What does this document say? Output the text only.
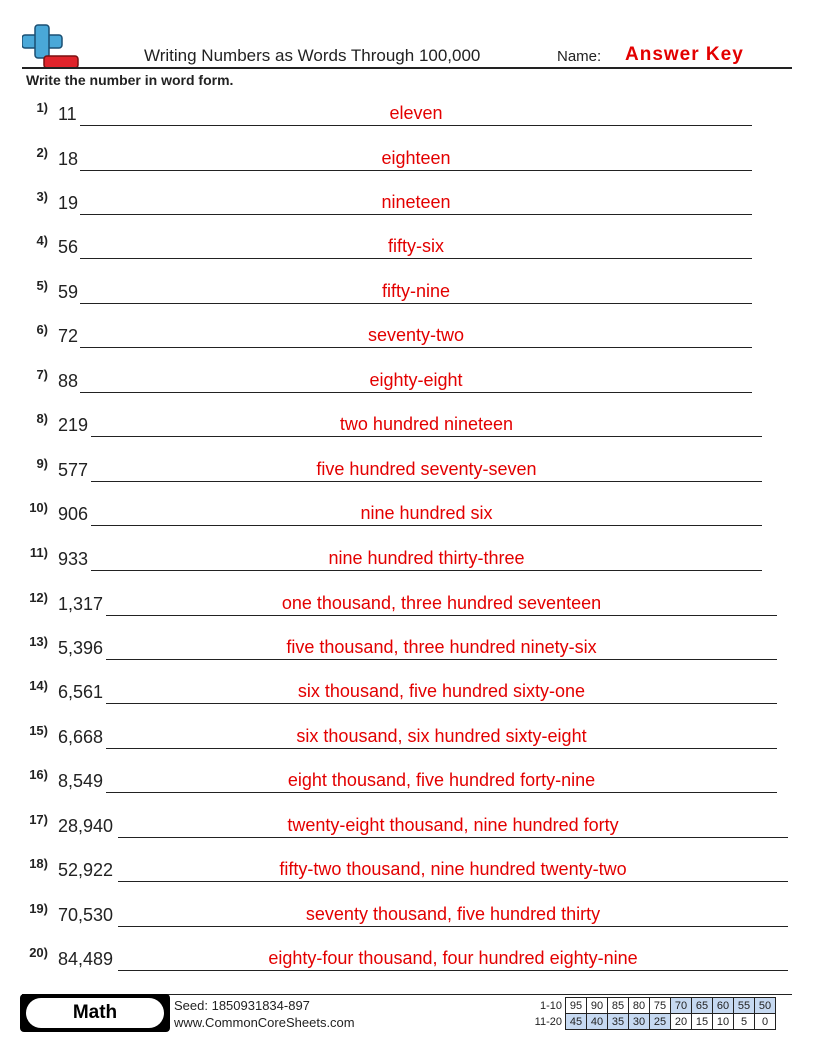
Writing Numbers as Words Through 100,000	Name: Answer Key
Write the number in word form.
1) 11	eleven
2) 18	eighteen
3) 19	nineteen
4) 56	fifty-six
5) 59	fifty-nine
6) 72	seventy-two
7) 88	eighty-eight
8) 219	two hundred nineteen
9) 577	five hundred seventy-seven
10) 906	nine hundred six
11) 933	nine hundred thirty-three
12) 1,317	one thousand, three hundred seventeen
13) 5,396	five thousand, three hundred ninety-six
14) 6,561	six thousand, five hundred sixty-one
15) 6,668	six thousand, six hundred sixty-eight
16) 8,549	eight thousand, five hundred forty-nine
17) 28,940	twenty-eight thousand, nine hundred forty
18) 52,922	fifty-two thousand, nine hundred twenty-two
19) 70,530	seventy thousand, five hundred thirty
20) 84,489	eighty-four thousand, four hundred eighty-nine
Math	Seed: 1850931834-897
www.CommonCoreSheets.com
1-10	95	90	85	80	75	70	65	60	55	50
11-20	45	40	35	30	25	20	15	10	5	0
